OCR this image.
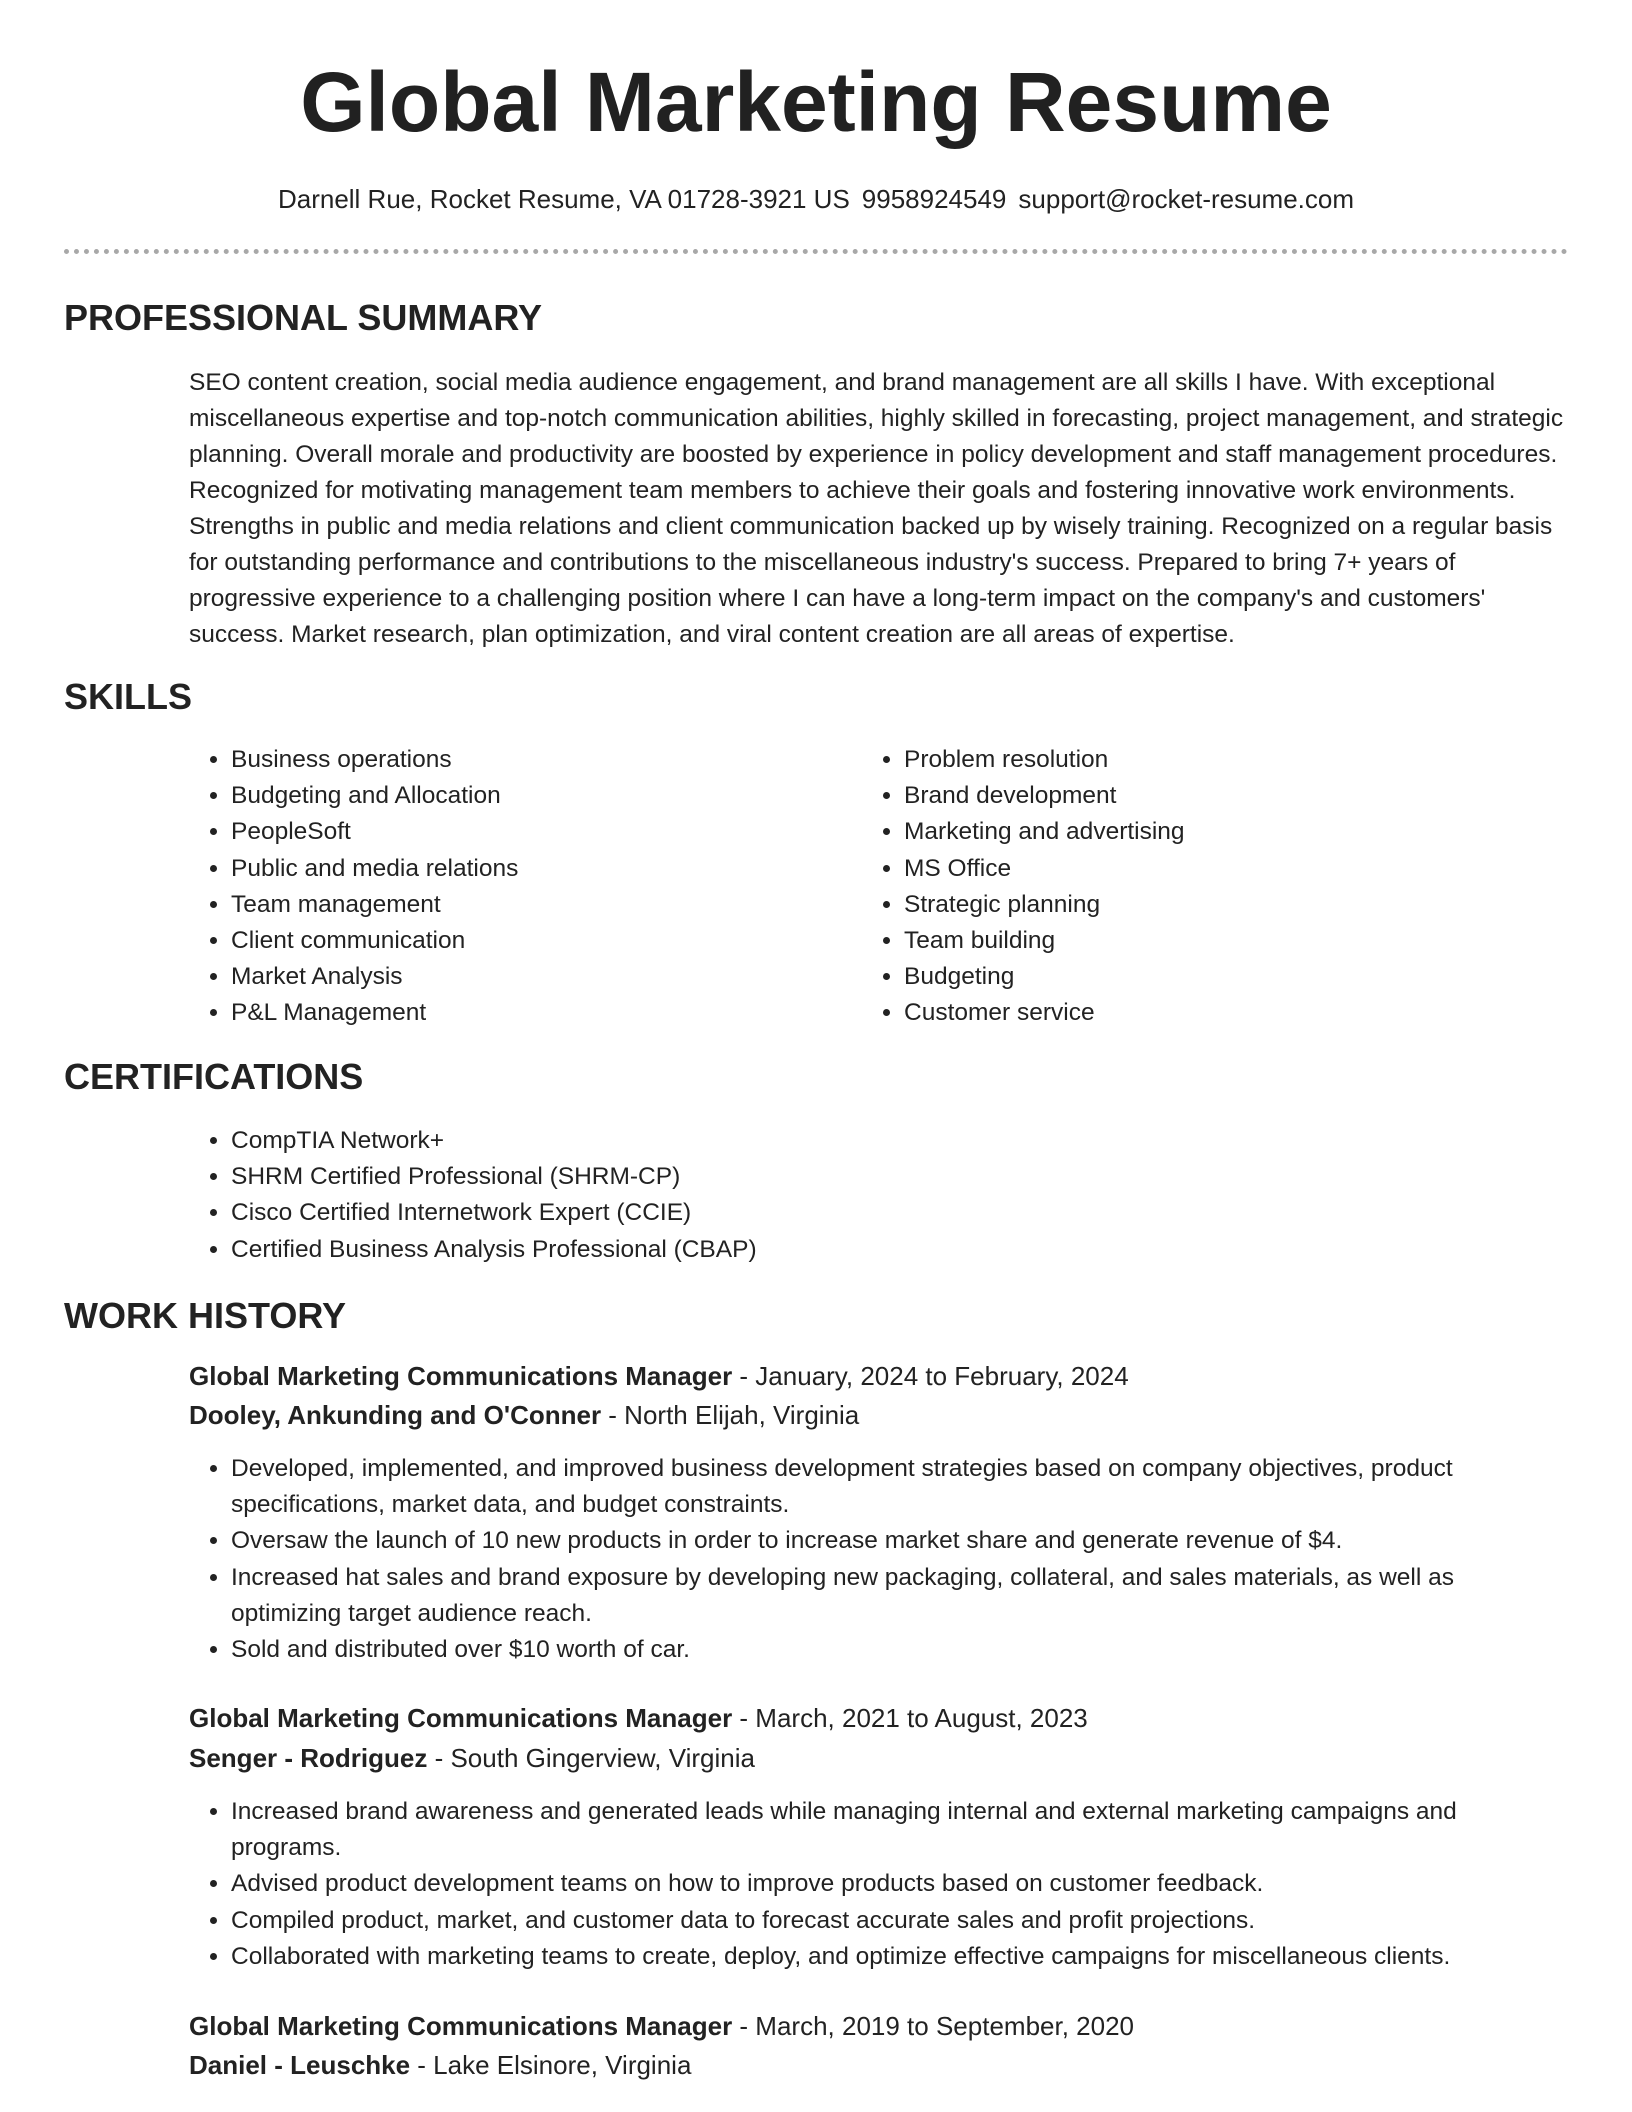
Global Marketing Resume
Darnell Rue, Rocket Resume, VA 01728-3921 US 9958924549 support@rocket-resume.com
PROFESSIONAL SUMMARY
SEO content creation, social media audience engagement, and brand management are all skills I have. With exceptional miscellaneous expertise and top-notch communication abilities, highly skilled in forecasting, project management, and strategic planning. Overall morale and productivity are boosted by experience in policy development and staff management procedures. Recognized for motivating management team members to achieve their goals and fostering innovative work environments. Strengths in public and media relations and client communication backed up by wisely training. Recognized on a regular basis for outstanding performance and contributions to the miscellaneous industry's success. Prepared to bring 7+ years of progressive experience to a challenging position where I can have a long-term impact on the company's and customers' success. Market research, plan optimization, and viral content creation are all areas of expertise.
SKILLS
• Business operations
• Budgeting and Allocation
• PeopleSoft
• Public and media relations
• Team management
• Client communication
• Market Analysis
• P&L Management
• Problem resolution
• Brand development
• Marketing and advertising
• MS Office
• Strategic planning
• Team building
• Budgeting
• Customer service
CERTIFICATIONS
• CompTIA Network+
• SHRM Certified Professional (SHRM-CP)
• Cisco Certified Internetwork Expert (CCIE)
• Certified Business Analysis Professional (CBAP)
WORK HISTORY
Global Marketing Communications Manager - January, 2024 to February, 2024
Dooley, Ankunding and O'Conner - North Elijah, Virginia
• Developed, implemented, and improved business development strategies based on company objectives, product specifications, market data, and budget constraints.
• Oversaw the launch of 10 new products in order to increase market share and generate revenue of $4.
• Increased hat sales and brand exposure by developing new packaging, collateral, and sales materials, as well as optimizing target audience reach.
• Sold and distributed over $10 worth of car.
Global Marketing Communications Manager - March, 2021 to August, 2023
Senger - Rodriguez - South Gingerview, Virginia
• Increased brand awareness and generated leads while managing internal and external marketing campaigns and programs.
• Advised product development teams on how to improve products based on customer feedback.
• Compiled product, market, and customer data to forecast accurate sales and profit projections.
• Collaborated with marketing teams to create, deploy, and optimize effective campaigns for miscellaneous clients.
Global Marketing Communications Manager - March, 2019 to September, 2020
Daniel - Leuschke - Lake Elsinore, Virginia
